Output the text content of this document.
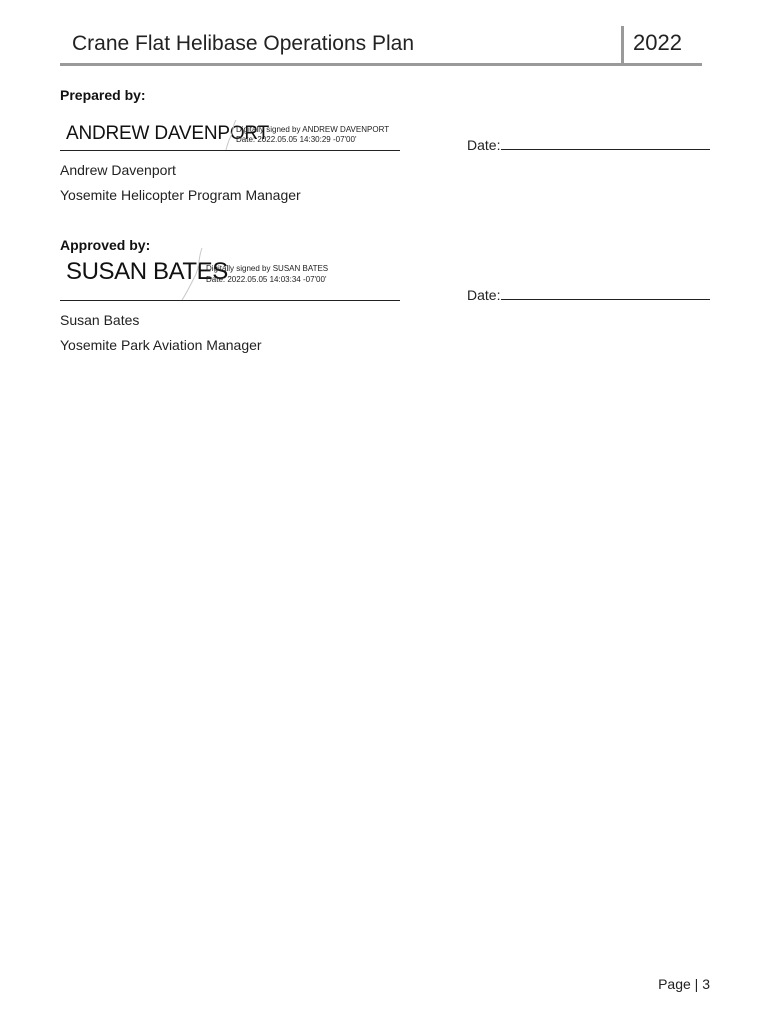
Crane Flat Helibase Operations Plan	2022
Prepared by:
ANDREW DAVENPORT
Digitally signed by ANDREW DAVENPORT
Date: 2022.05.05 14:30:29 -07'00'	Date:
Andrew Davenport
Yosemite Helicopter Program Manager
Approved by:
SUSAN BATES
Digitally signed by SUSAN BATES
Date: 2022.05.05 14:03:34 -07'00'
Date:
Susan Bates
Yosemite Park Aviation Manager
Page | 3
